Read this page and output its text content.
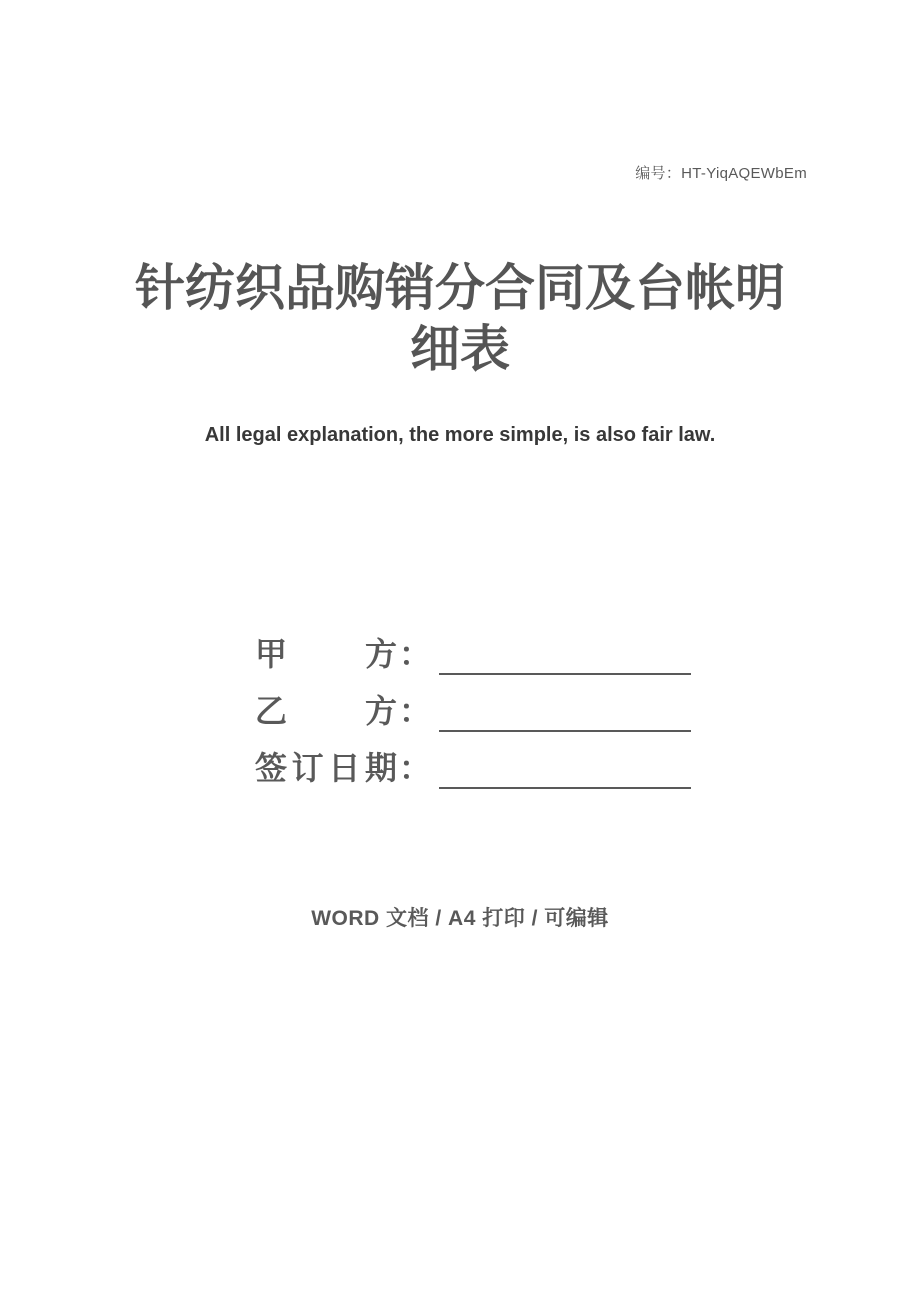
编号：HT-YiqAQEWbEm
针纺织品购销分合同及台帐明
细表
All legal explanation, the more simple, is also fair law.
甲方 ：
乙方 ：
签订日期 ：
WORD 文档 / A4 打印 / 可编辑
